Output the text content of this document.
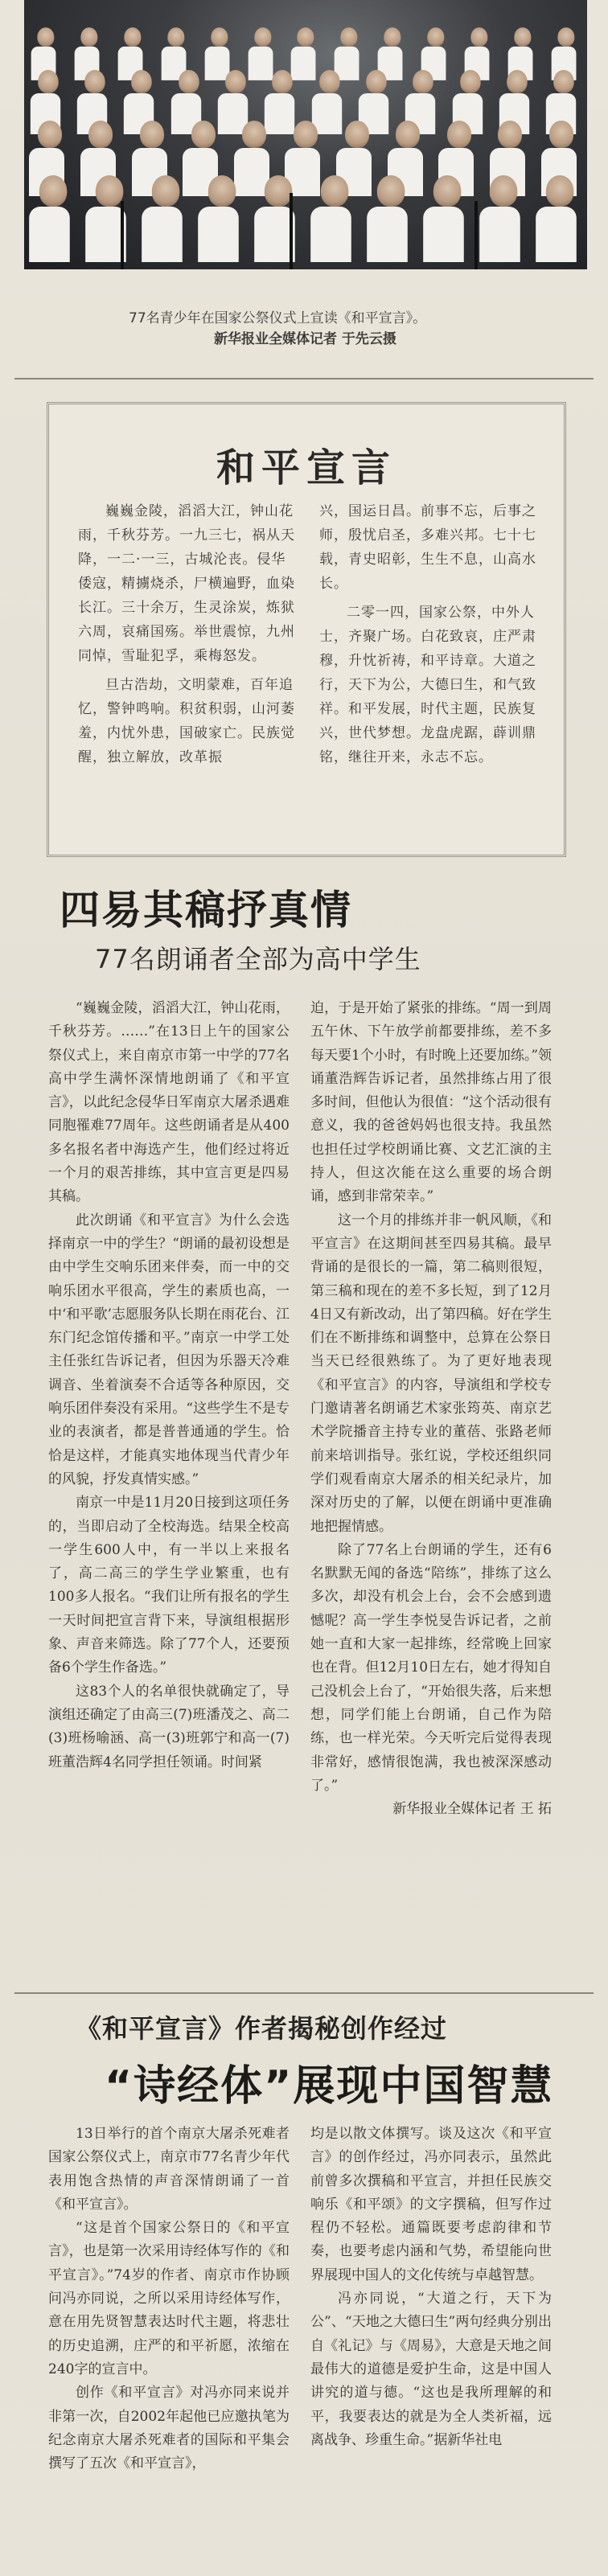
77名青少年在国家公祭仪式上宣读《和平宣言》。
新华报业全媒体记者 于先云摄
和平宣言

巍巍金陵，滔滔大江，钟山花雨，千秋芬芳。一九三七，祸从天降，一二·一三，古城沦丧。侵华倭寇，精擄烧杀，尸横遍野，血染长江。三十余万，生灵涂炭，炼狱六周，哀痛国殇。举世震惊，九州同悼，雪耻犯孚，乘梅怒发。

旦古浩劫，文明蒙难，百年追忆，警钟鸣响。积贫积弱，山河萎羞，内忧外患，国破家亡。民族觉醒，独立解放，改革振

兴，国运日昌。前事不忘，后事之师，殷忧启圣，多难兴邦。七十七载，青史昭彰，生生不息，山高水长。

二零一四，国家公祭，中外人士，齐聚广场。白花致哀，庄严肃穆，升忱祈祷，和平诗章。大道之行，天下为公，大德曰生，和气致祥。和平发展，时代主题，民族复兴，世代梦想。龙盘虎踞，薜训鼎铭，继往开来，永志不忘。

四易其稿抒真情
77名朗诵者全部为高中学生

“巍巍金陵，滔滔大江，钟山花雨，千秋芬芳。……”在13日上午的国家公祭仪式上，来自南京市第一中学的77名高中学生满怀深情地朗诵了《和平宣言》，以此纪念侵华日军南京大屠杀遇难同胞罹难77周年。这些朗诵者是从400多名报名者中海选产生，他们经过将近一个月的艰苦排练，其中宣言更是四易其稿。

此次朗诵《和平宣言》为什么会选择南京一中的学生？“朗诵的最初设想是由中学生交响乐团来伴奏，而一中的交响乐团水平很高，学生的素质也高，一中‘和平歌’志愿服务队长期在雨花台、江东门纪念馆传播和平。”南京一中学工处主任张红告诉记者，但因为乐器天冷难调音、坐着演奏不合适等各种原因，交响乐团伴奏没有采用。“这些学生不是专业的表演者，都是普普通通的学生。恰恰是这样，才能真实地体现当代青少年的风貌，抒发真情实感。”

南京一中是11月20日接到这项任务的，当即启动了全校海选。结果全校高一学生600人中，有一半以上来报名了，高二高三的学生学业繁重，也有100多人报名。“我们让所有报名的学生一天时间把宣言背下来，导演组根据形象、声音来筛选。除了77个人，还要预备6个学生作备选。”

这83个人的名单很快就确定了，导演组还确定了由高三(7)班潘茂之、高二(3)班杨喻涵、高一(3)班郭宁和高一(7)班董浩辉4名同学担任领诵。时间紧

迫，于是开始了紧张的排练。“周一到周五午休、下午放学前都要排练，差不多每天要1个小时，有时晚上还要加练。”领诵董浩辉告诉记者，虽然排练占用了很多时间，但他认为很值：“这个活动很有意义，我的爸爸妈妈也很支持。我虽然也担任过学校朗诵比赛、文艺汇演的主持人，但这次能在这么重要的场合朗诵，感到非常荣幸。”

这一个月的排练并非一帆风顺，《和平宣言》在这期间甚至四易其稿。最早背诵的是很长的一篇，第二稿则很短，第三稿和现在的差不多长短，到了12月4日又有新改动，出了第四稿。好在学生们在不断排练和调整中，总算在公祭日当天已经很熟练了。为了更好地表现《和平宣言》的内容，导演组和学校专门邀请著名朗诵艺术家张筠英、南京艺术学院播音主持专业的董蓓、张路老师前来培训指导。张红说，学校还组织同学们观看南京大屠杀的相关纪录片，加深对历史的了解，以便在朗诵中更准确地把握情感。

除了77名上台朗诵的学生，还有6名默默无闻的备选“陪练”，排练了这么多次，却没有机会上台，会不会感到遗憾呢？高一学生李悦旻告诉记者，之前她一直和大家一起排练，经常晚上回家也在背。但12月10日左右，她才得知自己没机会上台了，“开始很失落，后来想想，同学们能上台朗诵，自己作为陪练，也一样光荣。今天听完后觉得表现非常好，感情很饱满，我也被深深感动了。”

新华报业全媒体记者 王 拓

《和平宣言》作者揭秘创作经过
“诗经体”展现中国智慧

13日举行的首个南京大屠杀死难者国家公祭仪式上，南京市77名青少年代表用饱含热情的声音深情朗诵了一首《和平宣言》。

“这是首个国家公祭日的《和平宣言》，也是第一次采用诗经体写作的《和平宣言》。”74岁的作者、南京市作协顾问冯亦同说，之所以采用诗经体写作，意在用先贤智慧表达时代主题，将悲壮的历史追溯，庄严的和平祈愿，浓缩在240字的宣言中。

创作《和平宣言》对冯亦同来说并非第一次，自2002年起他已应邀执笔为纪念南京大屠杀死难者的国际和平集会撰写了五次《和平宣言》，

均是以散文体撰写。谈及这次《和平宣言》的创作经过，冯亦同表示，虽然此前曾多次撰稿和平宣言，并担任民族交响乐《和平颂》的文字撰稿，但写作过程仍不轻松。通篇既要考虑韵律和节奏，也要考虑内涵和气势，希望能向世界展现中国人的文化传统与卓越智慧。

冯亦同说，“大道之行，天下为公”、“天地之大德曰生”两句经典分别出自《礼记》与《周易》，大意是天地之间最伟大的道德是爱护生命，这是中国人讲究的道与德。“这也是我所理解的和平，我要表达的就是为全人类祈福，远离战争、珍重生命。”据新华社电
